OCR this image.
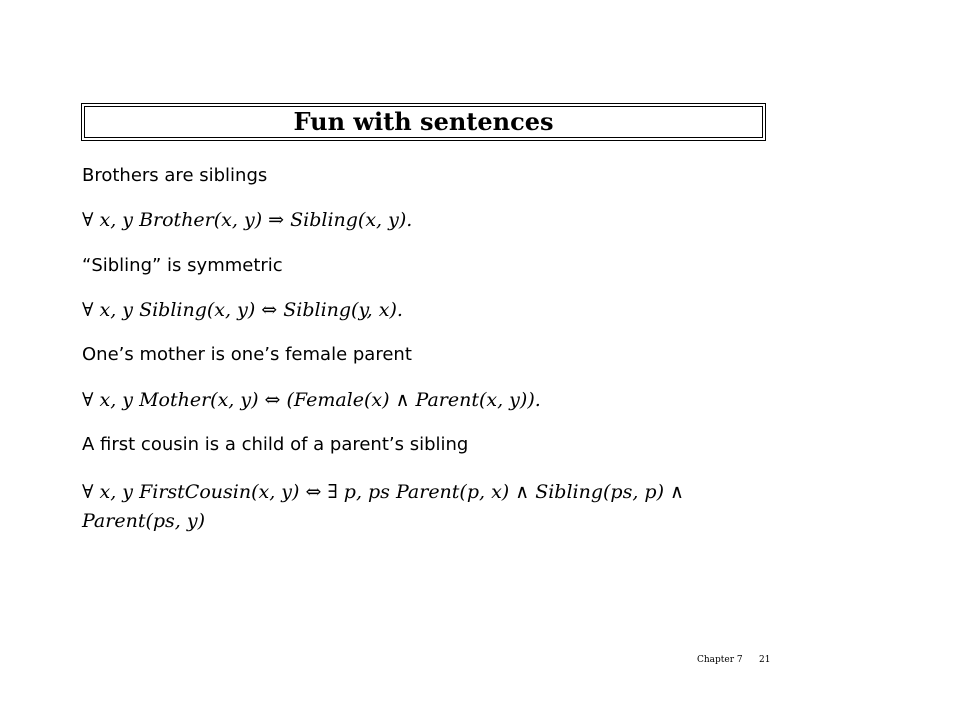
Fun with sentences
Brothers are siblings
∀ x, y Brother(x, y) ⇒ Sibling(x, y).
“Sibling” is symmetric
∀ x, y Sibling(x, y) ⇔ Sibling(y, x).
One’s mother is one’s female parent
∀ x, y Mother(x, y) ⇔ (Female(x) ∧ Parent(x, y)).
A first cousin is a child of a parent’s sibling
∀ x, y FirstCousin(x, y) ⇔ ∃ p, ps Parent(p, x) ∧ Sibling(ps, p) ∧
Parent(ps, y)
Chapter 7 21
